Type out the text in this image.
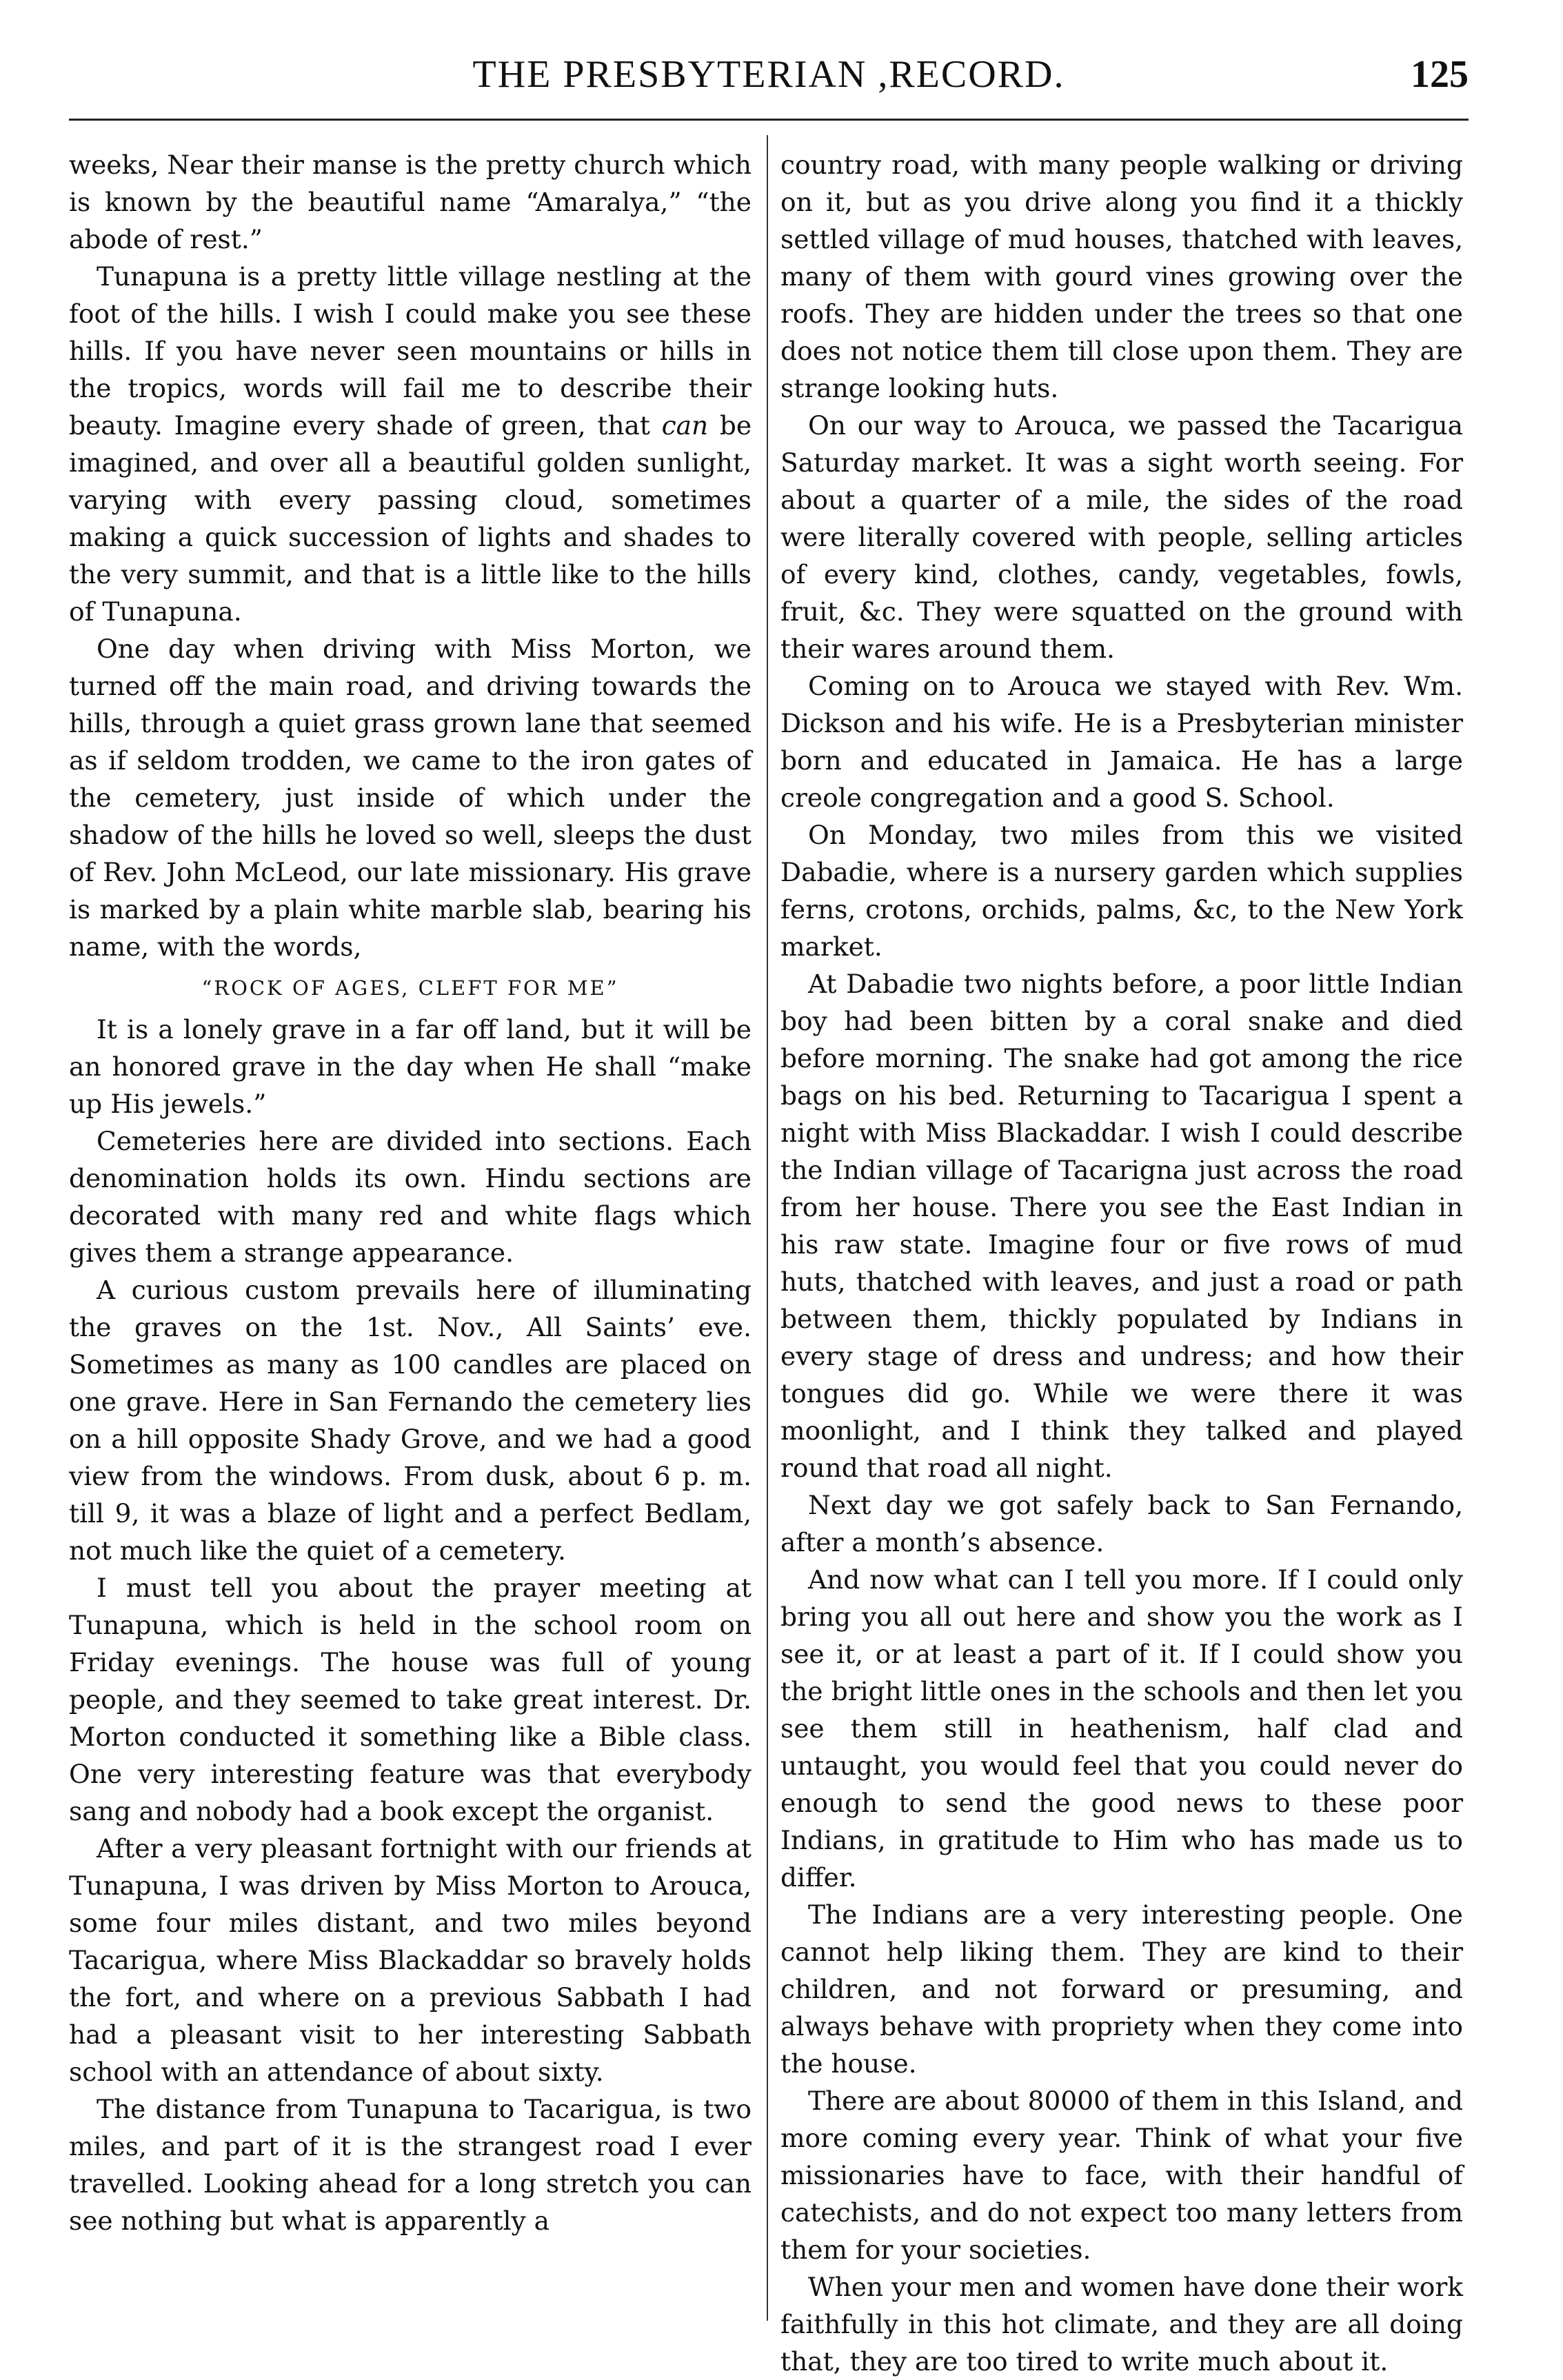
THE PRESBYTERIAN ,RECORD.	125

weeks, Near their manse is the pretty church which is known by the beautiful name “Amaralya,” “the abode of rest.”

Tunapuna is a pretty little village nestling at the foot of the hills. I wish I could make you see these hills. If you have never seen mountains or hills in the tropics, words will fail me to describe their beauty. Imagine every shade of green, that can be imagined, and over all a beautiful golden sunlight, varying with every passing cloud, sometimes making a quick succession of lights and shades to the very summit, and that is a little like to the hills of Tunapuna.

One day when driving with Miss Morton, we turned off the main road, and driving towards the hills, through a quiet grass grown lane that seemed as if seldom trodden, we came to the iron gates of the cemetery, just inside of which under the shadow of the hills he loved so well, sleeps the dust of Rev. John McLeod, our late missionary. His grave is marked by a plain white marble slab, bearing his name, with the words,

“ROCK OF AGES, CLEFT FOR ME”

It is a lonely grave in a far off land, but it will be an honored grave in the day when He shall “make up His jewels.”

Cemeteries here are divided into sections. Each denomination holds its own. Hindu sections are decorated with many red and white flags which gives them a strange appearance.

A curious custom prevails here of illuminating the graves on the 1st. Nov., All Saints’ eve. Sometimes as many as 100 candles are placed on one grave. Here in San Fernando the cemetery lies on a hill opposite Shady Grove, and we had a good view from the windows. From dusk, about 6 p. m. till 9, it was a blaze of light and a perfect Bedlam, not much like the quiet of a cemetery.

I must tell you about the prayer meeting at Tunapuna, which is held in the school room on Friday evenings. The house was full of young people, and they seemed to take great interest. Dr. Morton conducted it something like a Bible class. One very interesting feature was that everybody sang and nobody had a book except the organist.

After a very pleasant fortnight with our friends at Tunapuna, I was driven by Miss Morton to Arouca, some four miles distant, and two miles beyond Tacarigua, where Miss Blackaddar so bravely holds the fort, and where on a previous Sabbath I had had a pleasant visit to her interesting Sabbath school with an attendance of about sixty.

The distance from Tunapuna to Tacarigua, is two miles, and part of it is the strangest road I ever travelled. Looking ahead for a long stretch you can see nothing but what is apparently a

country road, with many people walking or driving on it, but as you drive along you find it a thickly settled village of mud houses, thatched with leaves, many of them with gourd vines growing over the roofs. They are hidden under the trees so that one does not notice them till close upon them. They are strange looking huts.

On our way to Arouca, we passed the Tacarigua Saturday market. It was a sight worth seeing. For about a quarter of a mile, the sides of the road were literally covered with people, selling articles of every kind, clothes, candy, vegetables, fowls, fruit, &c. They were squatted on the ground with their wares around them.

Coming on to Arouca we stayed with Rev. Wm. Dickson and his wife. He is a Presbyterian minister born and educated in Jamaica. He has a large creole congregation and a good S. School.

On Monday, two miles from this we visited Dabadie, where is a nursery garden which supplies ferns, crotons, orchids, palms, &c, to the New York market.

At Dabadie two nights before, a poor little Indian boy had been bitten by a coral snake and died before morning. The snake had got among the rice bags on his bed. Returning to Tacarigua I spent a night with Miss Blackaddar. I wish I could describe the Indian village of Tacarigna just across the road from her house. There you see the East Indian in his raw state. Imagine four or five rows of mud huts, thatched with leaves, and just a road or path between them, thickly populated by Indians in every stage of dress and undress; and how their tongues did go. While we were there it was moonlight, and I think they talked and played round that road all night.

Next day we got safely back to San Fernando, after a month’s absence.

And now what can I tell you more. If I could only bring you all out here and show you the work as I see it, or at least a part of it. If I could show you the bright little ones in the schools and then let you see them still in heathenism, half clad and untaught, you would feel that you could never do enough to send the good news to these poor Indians, in gratitude to Him who has made us to differ.

The Indians are a very interesting people. One cannot help liking them. They are kind to their children, and not forward or presuming, and always behave with propriety when they come into the house.

There are about 80000 of them in this Island, and more coming every year. Think of what your five missionaries have to face, with their handful of catechists, and do not expect too many letters from them for your societies.

When your men and women have done their work faithfully in this hot climate, and they are all doing that, they are too tired to write much about it.
